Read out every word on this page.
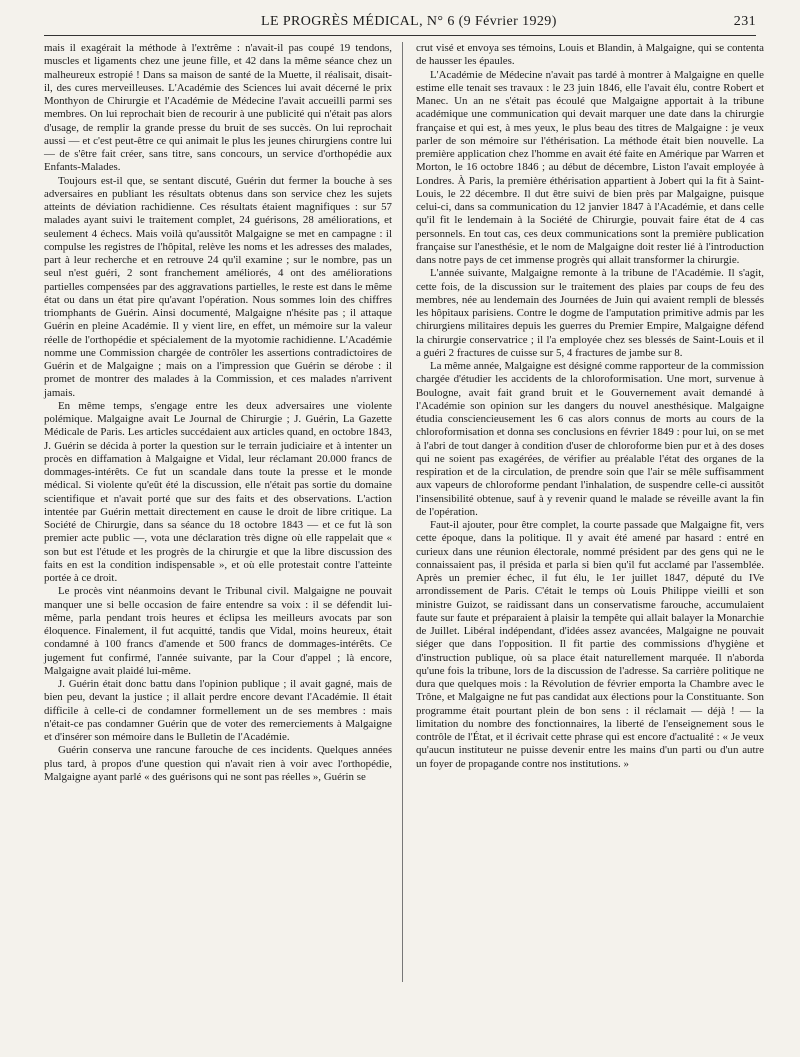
LE PROGRÈS MÉDICAL, N° 6 (9 Février 1929)	231

mais il exagérait la méthode à l'extrême : n'avait-il pas coupé 19 tendons, muscles et ligaments chez une jeune fille, et 42 dans la même séance chez un malheureux estropié ! Dans sa maison de santé de la Muette, il réalisait, disait-il, des cures merveilleuses. L'Académie des Sciences lui avait décerné le prix Monthyon de Chirurgie et l'Académie de Médecine l'avait accueilli parmi ses membres. On lui reprochait bien de recourir à une publicité qui n'était pas alors d'usage, de remplir la grande presse du bruit de ses succès. On lui reprochait aussi — et c'est peut-être ce qui animait le plus les jeunes chirurgiens contre lui — de s'être fait créer, sans titre, sans concours, un service d'orthopédie aux Enfants-Malades.

Toujours est-il que, se sentant discuté, Guérin dut fermer la bouche à ses adversaires en publiant les résultats obtenus dans son service chez les sujets atteints de déviation rachidienne. Ces résultats étaient magnifiques : sur 57 malades ayant suivi le traitement complet, 24 guérisons, 28 améliorations, et seulement 4 échecs. Mais voilà qu'aussitôt Malgaigne se met en campagne : il compulse les registres de l'hôpital, relève les noms et les adresses des malades, part à leur recherche et en retrouve 24 qu'il examine ; sur le nombre, pas un seul n'est guéri, 2 sont franchement améliorés, 4 ont des améliorations partielles compensées par des aggravations partielles, le reste est dans le même état ou dans un état pire qu'avant l'opération. Nous sommes loin des chiffres triomphants de Guérin. Ainsi documenté, Malgaigne n'hésite pas ; il attaque Guérin en pleine Académie. Il y vient lire, en effet, un mémoire sur la valeur réelle de l'orthopédie et spécialement de la myotomie rachidienne. L'Académie nomme une Commission chargée de contrôler les assertions contradictoires de Guérin et de Malgaigne ; mais on a l'impression que Guérin se dérobe : il promet de montrer des malades à la Commission, et ces malades n'arrivent jamais.

En même temps, s'engage entre les deux adversaires une violente polémique. Malgaigne avait Le Journal de Chirurgie ; J. Guérin, La Gazette Médicale de Paris. Les articles succédaient aux articles quand, en octobre 1843, J. Guérin se décida à porter la question sur le terrain judiciaire et à intenter un procès en diffamation à Malgaigne et Vidal, leur réclamant 20.000 francs de dommages-intérêts. Ce fut un scandale dans toute la presse et le monde médical. Si violente qu'eût été la discussion, elle n'était pas sortie du domaine scientifique et n'avait porté que sur des faits et des observations. L'action intentée par Guérin mettait directement en cause le droit de libre critique. La Société de Chirurgie, dans sa séance du 18 octobre 1843 — et ce fut là son premier acte public —, vota une déclaration très digne où elle rappelait que « son but est l'étude et les progrès de la chirurgie et que la libre discussion des faits en est la condition indispensable », et où elle protestait contre l'atteinte portée à ce droit.

Le procès vint néanmoins devant le Tribunal civil. Malgaigne ne pouvait manquer une si belle occasion de faire entendre sa voix : il se défendit lui-même, parla pendant trois heures et éclipsa les meilleurs avocats par son éloquence. Finalement, il fut acquitté, tandis que Vidal, moins heureux, était condamné à 100 francs d'amende et 500 francs de dommages-intérêts. Ce jugement fut confirmé, l'année suivante, par la Cour d'appel ; là encore, Malgaigne avait plaidé lui-même.

J. Guérin était donc battu dans l'opinion publique ; il avait gagné, mais de bien peu, devant la justice ; il allait perdre encore devant l'Académie. Il était difficile à celle-ci de condamner formellement un de ses membres : mais n'était-ce pas condamner Guérin que de voter des remerciements à Malgaigne et d'insérer son mémoire dans le Bulletin de l'Académie.

Guérin conserva une rancune farouche de ces incidents. Quelques années plus tard, à propos d'une question qui n'avait rien à voir avec l'orthopédie, Malgaigne ayant parlé « des guérisons qui ne sont pas réelles », Guérin se

crut visé et envoya ses témoins, Louis et Blandin, à Malgaigne, qui se contenta de hausser les épaules.

L'Académie de Médecine n'avait pas tardé à montrer à Malgaigne en quelle estime elle tenait ses travaux : le 23 juin 1846, elle l'avait élu, contre Robert et Manec. Un an ne s'était pas écoulé que Malgaigne apportait à la tribune académique une communication qui devait marquer une date dans la chirurgie française et qui est, à mes yeux, le plus beau des titres de Malgaigne : je veux parler de son mémoire sur l'éthérisation. La méthode était bien nouvelle. La première application chez l'homme en avait été faite en Amérique par Warren et Morton, le 16 octobre 1846 ; au début de décembre, Liston l'avait employée à Londres. À Paris, la première éthérisation appartient à Jobert qui la fit à Saint-Louis, le 22 décembre. Il dut être suivi de bien près par Malgaigne, puisque celui-ci, dans sa communication du 12 janvier 1847 à l'Académie, et dans celle qu'il fit le lendemain à la Société de Chirurgie, pouvait faire état de 4 cas personnels. En tout cas, ces deux communications sont la première publication française sur l'anesthésie, et le nom de Malgaigne doit rester lié à l'introduction dans notre pays de cet immense progrès qui allait transformer la chirurgie.

L'année suivante, Malgaigne remonte à la tribune de l'Académie. Il s'agit, cette fois, de la discussion sur le traitement des plaies par coups de feu des membres, née au lendemain des Journées de Juin qui avaient rempli de blessés les hôpitaux parisiens. Contre le dogme de l'amputation primitive admis par les chirurgiens militaires depuis les guerres du Premier Empire, Malgaigne défend la chirurgie conservatrice ; il l'a employée chez ses blessés de Saint-Louis et il a guéri 2 fractures de cuisse sur 5, 4 fractures de jambe sur 8.

La même année, Malgaigne est désigné comme rapporteur de la commission chargée d'étudier les accidents de la chloroformisation. Une mort, survenue à Boulogne, avait fait grand bruit et le Gouvernement avait demandé à l'Académie son opinion sur les dangers du nouvel anesthésique. Malgaigne étudia consciencieusement les 6 cas alors connus de morts au cours de la chloroformisation et donna ses conclusions en février 1849 : pour lui, on se met à l'abri de tout danger à condition d'user de chloroforme bien pur et à des doses qui ne soient pas exagérées, de vérifier au préalable l'état des organes de la respiration et de la circulation, de prendre soin que l'air se mêle suffisamment aux vapeurs de chloroforme pendant l'inhalation, de suspendre celle-ci aussitôt l'insensibilité obtenue, sauf à y revenir quand le malade se réveille avant la fin de l'opération.

Faut-il ajouter, pour être complet, la courte passade que Malgaigne fit, vers cette époque, dans la politique. Il y avait été amené par hasard : entré en curieux dans une réunion électorale, nommé président par des gens qui ne le connaissaient pas, il présida et parla si bien qu'il fut acclamé par l'assemblée. Après un premier échec, il fut élu, le 1er juillet 1847, député du IVe arrondissement de Paris. C'était le temps où Louis Philippe vieilli et son ministre Guizot, se raidissant dans un conservatisme farouche, accumulaient faute sur faute et préparaient à plaisir la tempête qui allait balayer la Monarchie de Juillet. Libéral indépendant, d'idées assez avancées, Malgaigne ne pouvait siéger que dans l'opposition. Il fit partie des commissions d'hygiène et d'instruction publique, où sa place était naturellement marquée. Il n'aborda qu'une fois la tribune, lors de la discussion de l'adresse. Sa carrière politique ne dura que quelques mois : la Révolution de février emporta la Chambre avec le Trône, et Malgaigne ne fut pas candidat aux élections pour la Constituante. Son programme était pourtant plein de bon sens : il réclamait — déjà ! — la limitation du nombre des fonctionnaires, la liberté de l'enseignement sous le contrôle de l'État, et il écrivait cette phrase qui est encore d'actualité : « Je veux qu'aucun instituteur ne puisse devenir entre les mains d'un parti ou d'un autre un foyer de propagande contre nos institutions. »
